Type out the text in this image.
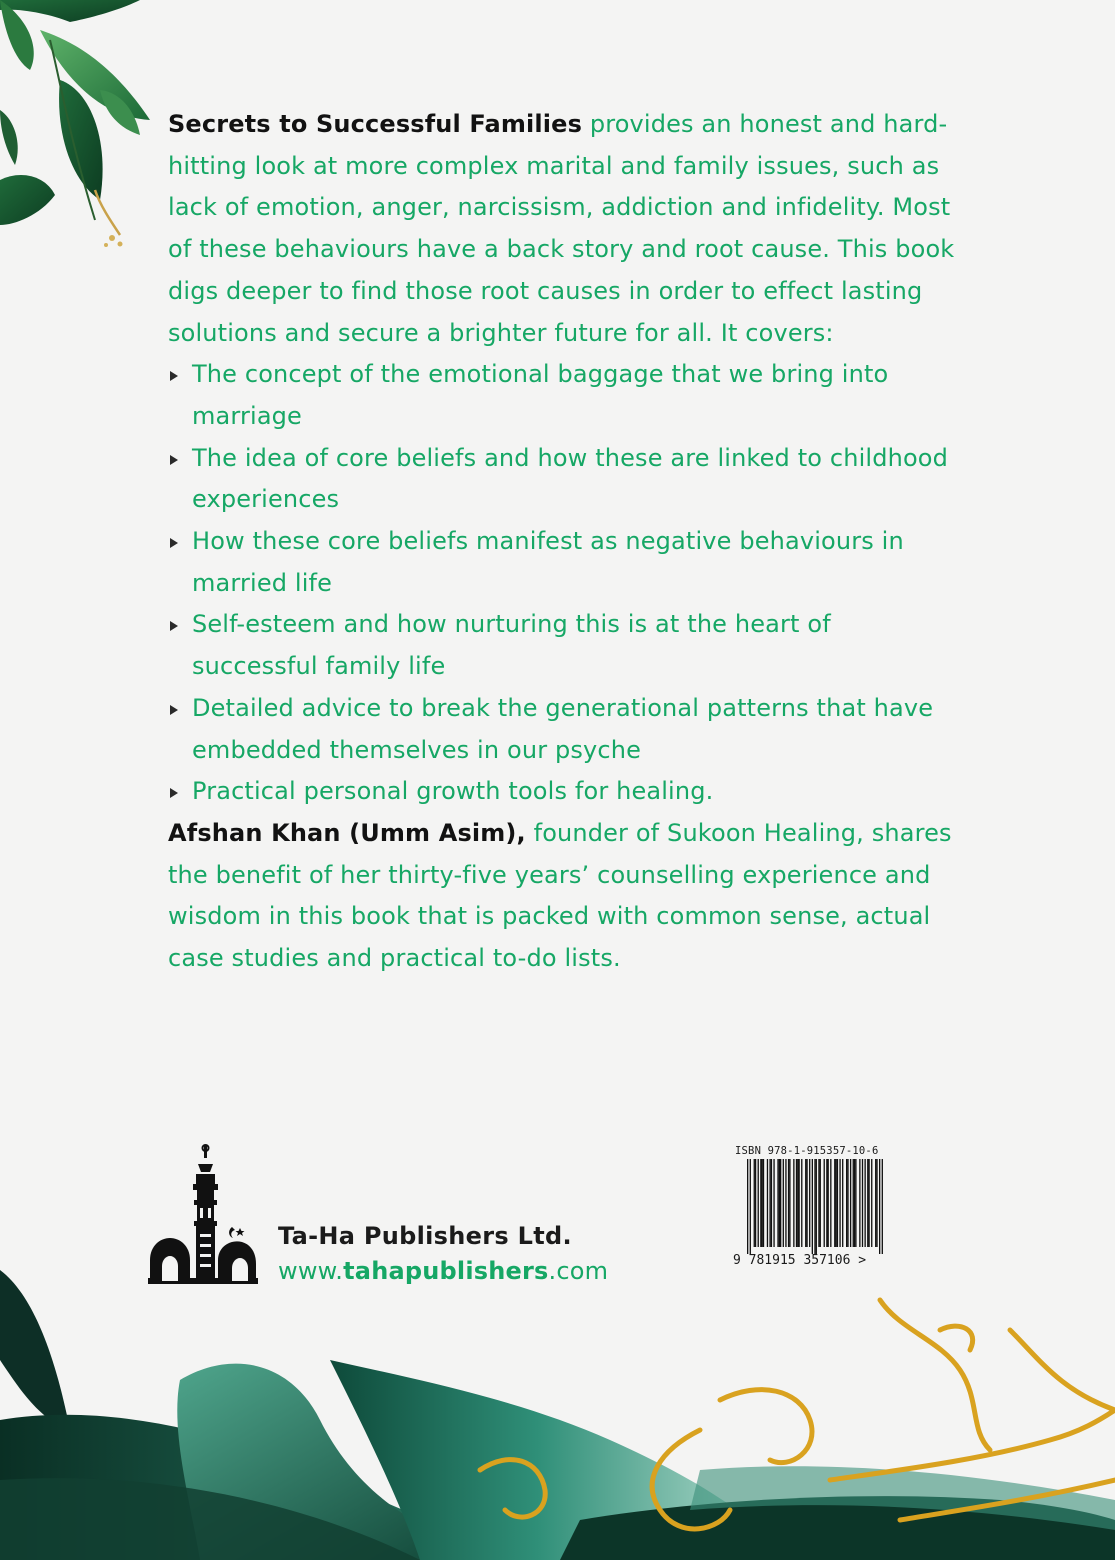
Secrets to Successful Families provides an honest and hard-hitting look at more complex marital and family issues, such as lack of emotion, anger, narcissism, addiction and infidelity. Most of these behaviours have a back story and root cause. This book digs deeper to find those root causes in order to effect lasting solutions and secure a brighter future for all. It covers:

The concept of the emotional baggage that we bring into marriage
The idea of core beliefs and how these are linked to childhood experiences
How these core beliefs manifest as negative behaviours in married life
Self-esteem and how nurturing this is at the heart of successful family life
Detailed advice to break the generational patterns that have embedded themselves in our psyche
Practical personal growth tools for healing.

Afshan Khan (Umm Asim), founder of Sukoon Healing, shares the benefit of her thirty-five years’ counselling experience and wisdom in this book that is packed with common sense, actual case studies and practical to-do lists.

Ta-Ha Publishers Ltd.
www.tahapublishers.com
ISBN 978-1-915357-10-6
9 781915 357106 >
